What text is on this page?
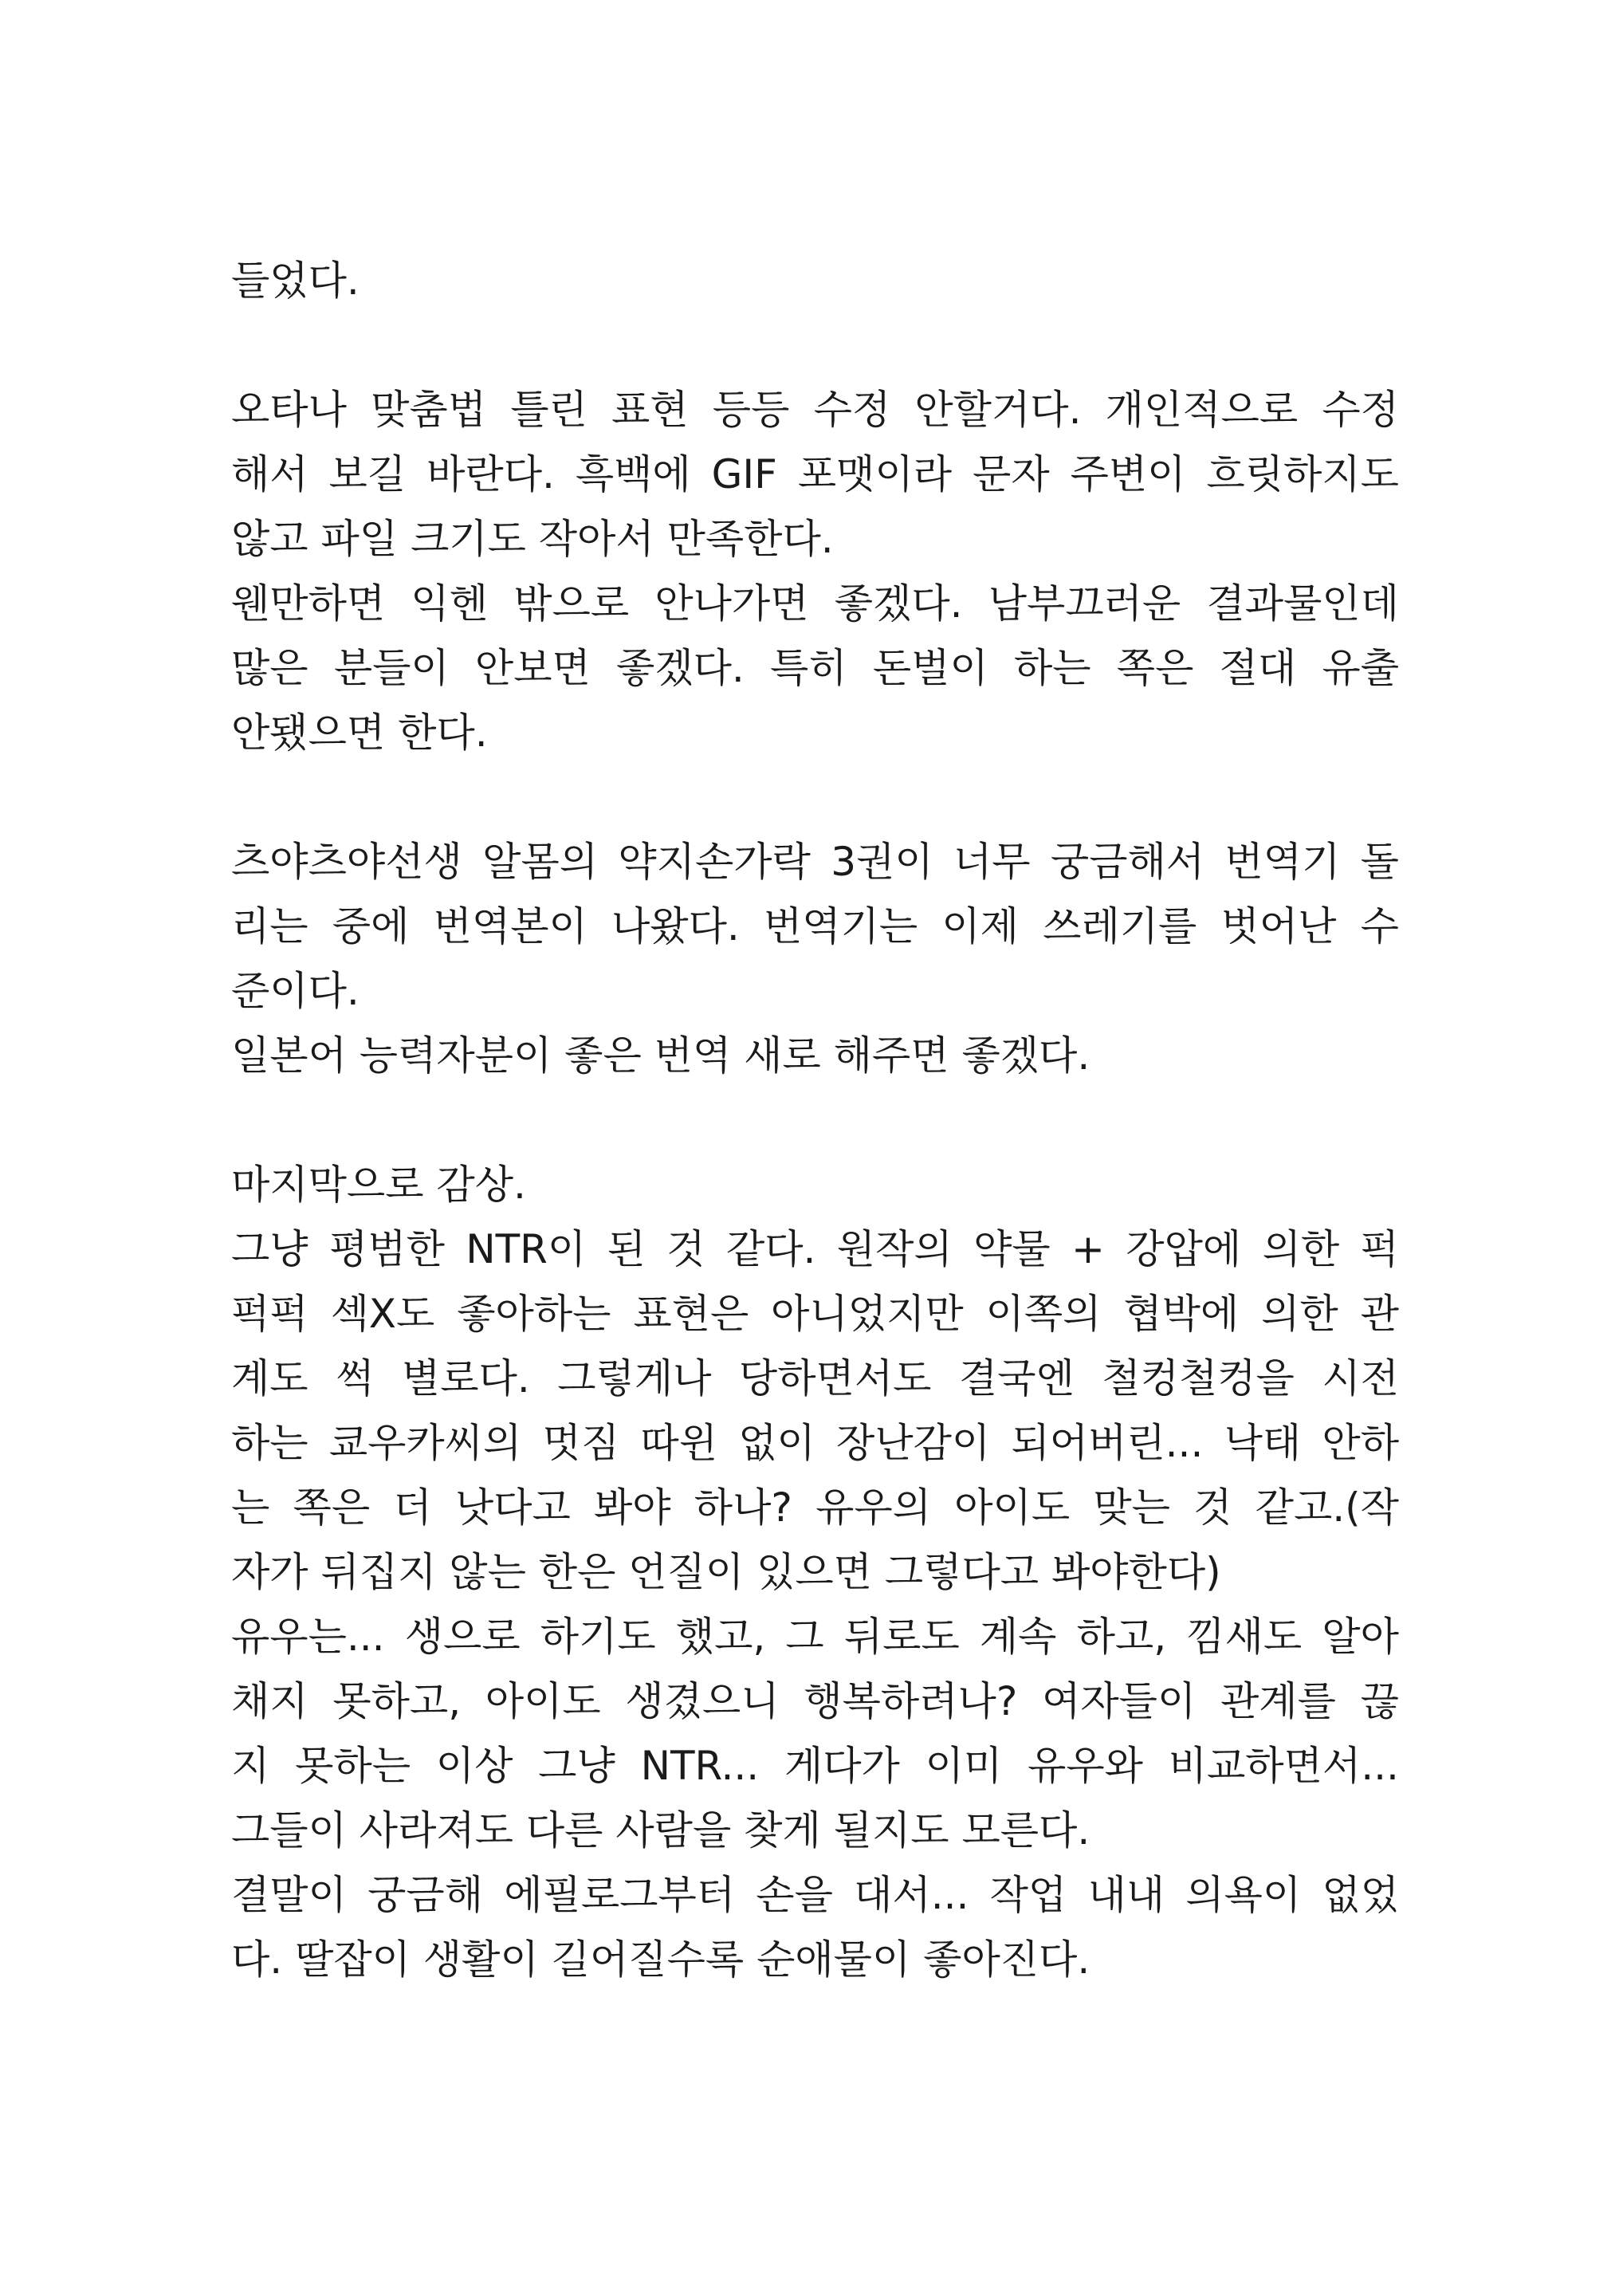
들었다.
오타나 맞춤법 틀린 표현 등등 수정 안할거다. 개인적으로 수정
해서 보길 바란다. 흑백에 GIF 포맷이라 문자 주변이 흐릿하지도
않고 파일 크기도 작아서 만족한다.
웬만하면 익헨 밖으로 안나가면 좋겠다. 남부끄러운 결과물인데
많은 분들이 안보면 좋겠다. 특히 돈벌이 하는 쪽은 절대 유출
안됐으면 한다.
츠야츠야선생 알몸의 약지손가락 3권이 너무 궁금해서 번역기 돌
리는 중에 번역본이 나왔다. 번역기는 이제 쓰레기를 벗어난 수
준이다.
일본어 능력자분이 좋은 번역 새로 해주면 좋겠다.
마지막으로 감상.
그냥 평범한 NTR이 된 것 같다. 원작의 약물 + 강압에 의한 퍽
퍽퍽 섹X도 좋아하는 표현은 아니었지만 이쪽의 협박에 의한 관
계도 썩 별로다. 그렇게나 당하면서도 결국엔 철컹철컹을 시전
하는 쿄우카씨의 멋짐 따윈 없이 장난감이 되어버린... 낙태 안하
는 쪽은 더 낫다고 봐야 하나? 유우의 아이도 맞는 것 같고.(작
자가 뒤집지 않는 한은 언질이 있으면 그렇다고 봐야한다)
유우는... 생으로 하기도 했고, 그 뒤로도 계속 하고, 낌새도 알아
채지 못하고, 아이도 생겼으니 행복하려나? 여자들이 관계를 끊
지 못하는 이상 그냥 NTR... 게다가 이미 유우와 비교하면서...
그들이 사라져도 다른 사람을 찾게 될지도 모른다.
결말이 궁금해 에필로그부터 손을 대서... 작업 내내 의욕이 없었
다. 딸잡이 생활이 길어질수록 순애물이 좋아진다.
